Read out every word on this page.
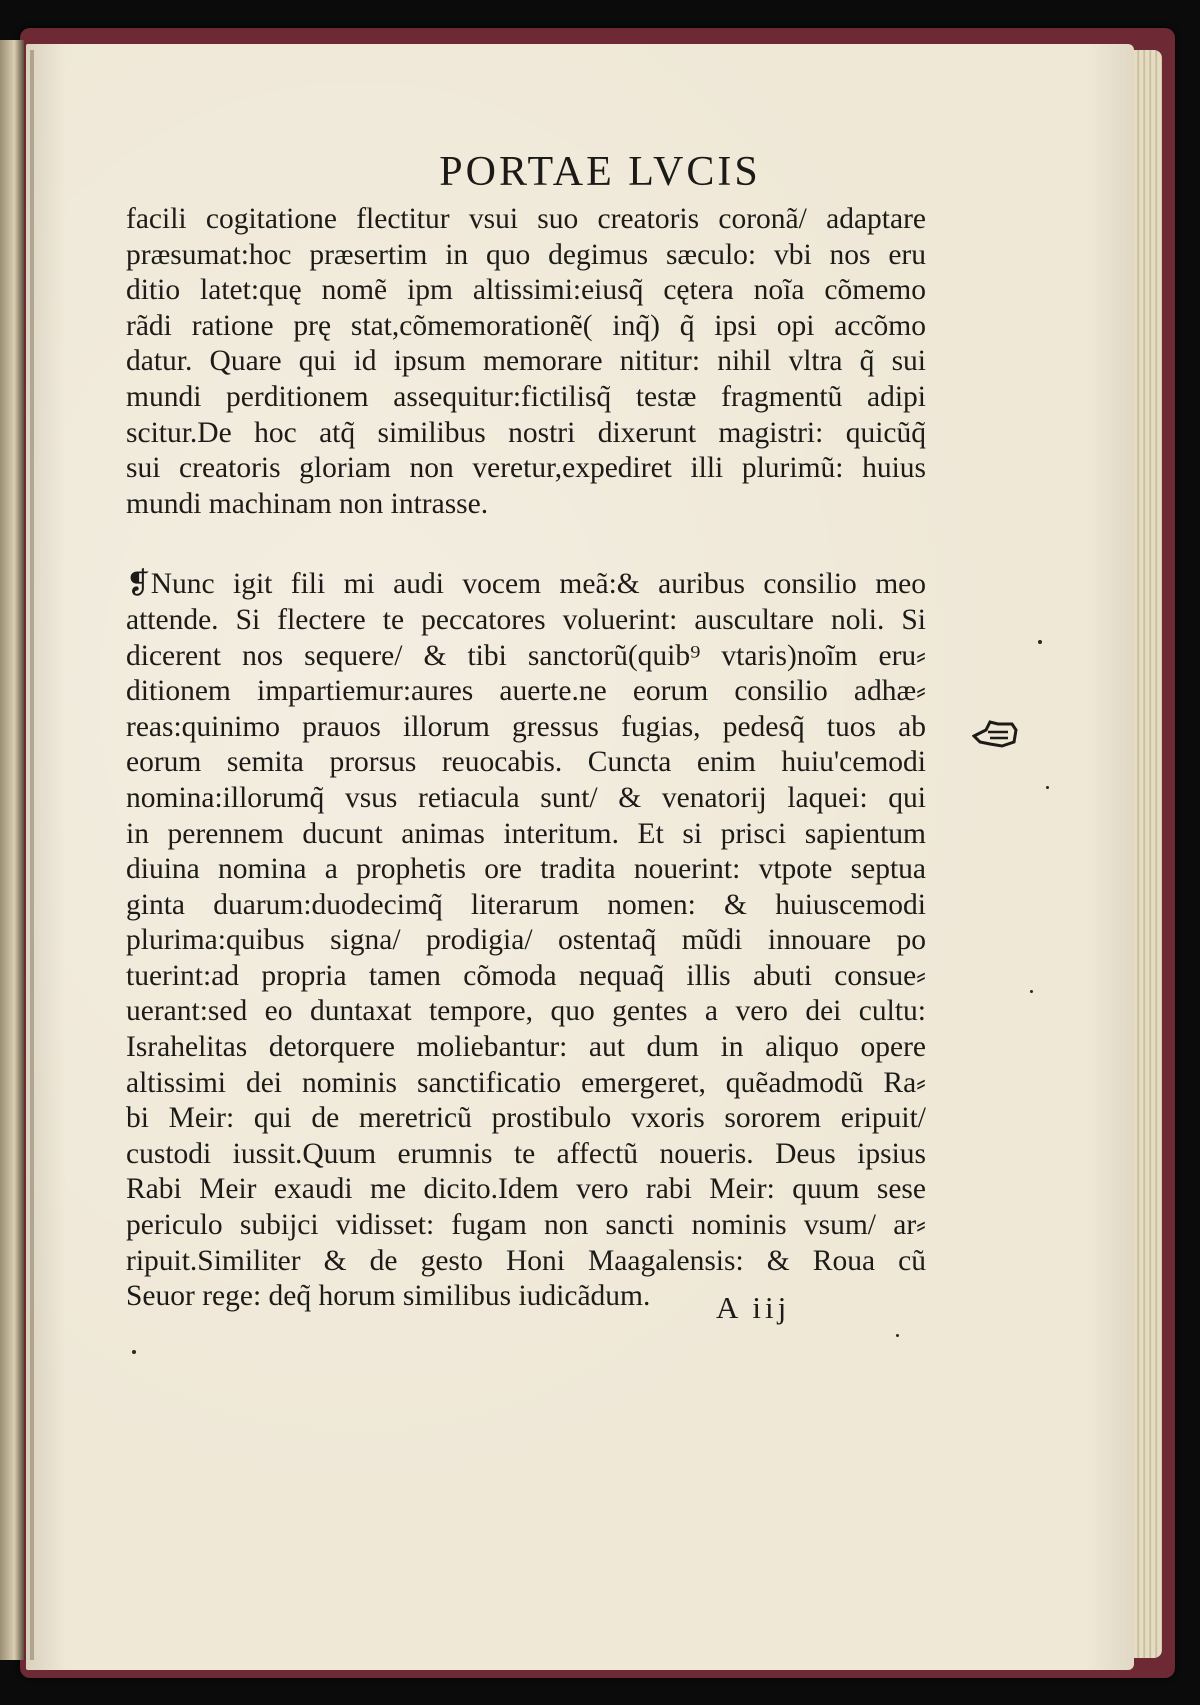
PORTAE LVCIS
facili cogitatione flectitur vsui suo creatoris coronã/ adaptare
præsumat:hoc præsertim in quo degimus sæculo: vbi nos eru
ditio latet:quę nomẽ ipm altissimi:eiusq̃ cętera noĩa cõmemo
rãdi ratione prę stat,cõmemorationẽ( inq̃) q̃ ipsi opi accõmo
datur. Quare qui id ipsum memorare nititur: nihil vltra q̃ sui
mundi perditionem assequitur:fictilisq̃ testæ fragmentũ adipi
scitur.De hoc atq̃ similibus nostri dixerunt magistri: quicũq̃
sui creatoris gloriam non veretur,expediret illi plurimũ: huius
mundi machinam non intrasse.
❡Nunc igit fili mi audi vocem meã:& auribus consilio meo
attende. Si flectere te peccatores voluerint: auscultare noli. Si
dicerent nos sequere/ & tibi sanctorũ(quib⁹ vtaris)noĩm eru⸗
ditionem impartiemur:aures auerte.ne eorum consilio adhæ⸗
reas:quinimo prauos illorum gressus fugias, pedesq̃ tuos ab
eorum semita prorsus reuocabis. Cuncta enim huiu'cemodi
nomina:illorumq̃ vsus retiacula sunt/ & venatorij laquei: qui
in perennem ducunt animas interitum. Et si prisci sapientum
diuina nomina a prophetis ore tradita nouerint: vtpote septua
ginta duarum:duodecimq̃ literarum nomen: & huiuscemodi
plurima:quibus signa/ prodigia/ ostentaq̃ mũdi innouare po
tuerint:ad propria tamen cõmoda nequaq̃ illis abuti consue⸗
uerant:sed eo duntaxat tempore, quo gentes a vero dei cultu:
Israhelitas detorquere moliebantur: aut dum in aliquo opere
altissimi dei nominis sanctificatio emergeret, quẽadmodũ Ra⸗
bi Meir: qui de meretricũ prostibulo vxoris sororem eripuit/
custodi iussit.Quum erumnis te affectũ noueris. Deus ipsius
Rabi Meir exaudi me dicito.Idem vero rabi Meir: quum sese
periculo subijci vidisset: fugam non sancti nominis vsum/ ar⸗
ripuit.Similiter & de gesto Honi Maagalensis: & Roua cũ
Seuor rege: deq̃ horum similibus iudicãdum.	A iij
